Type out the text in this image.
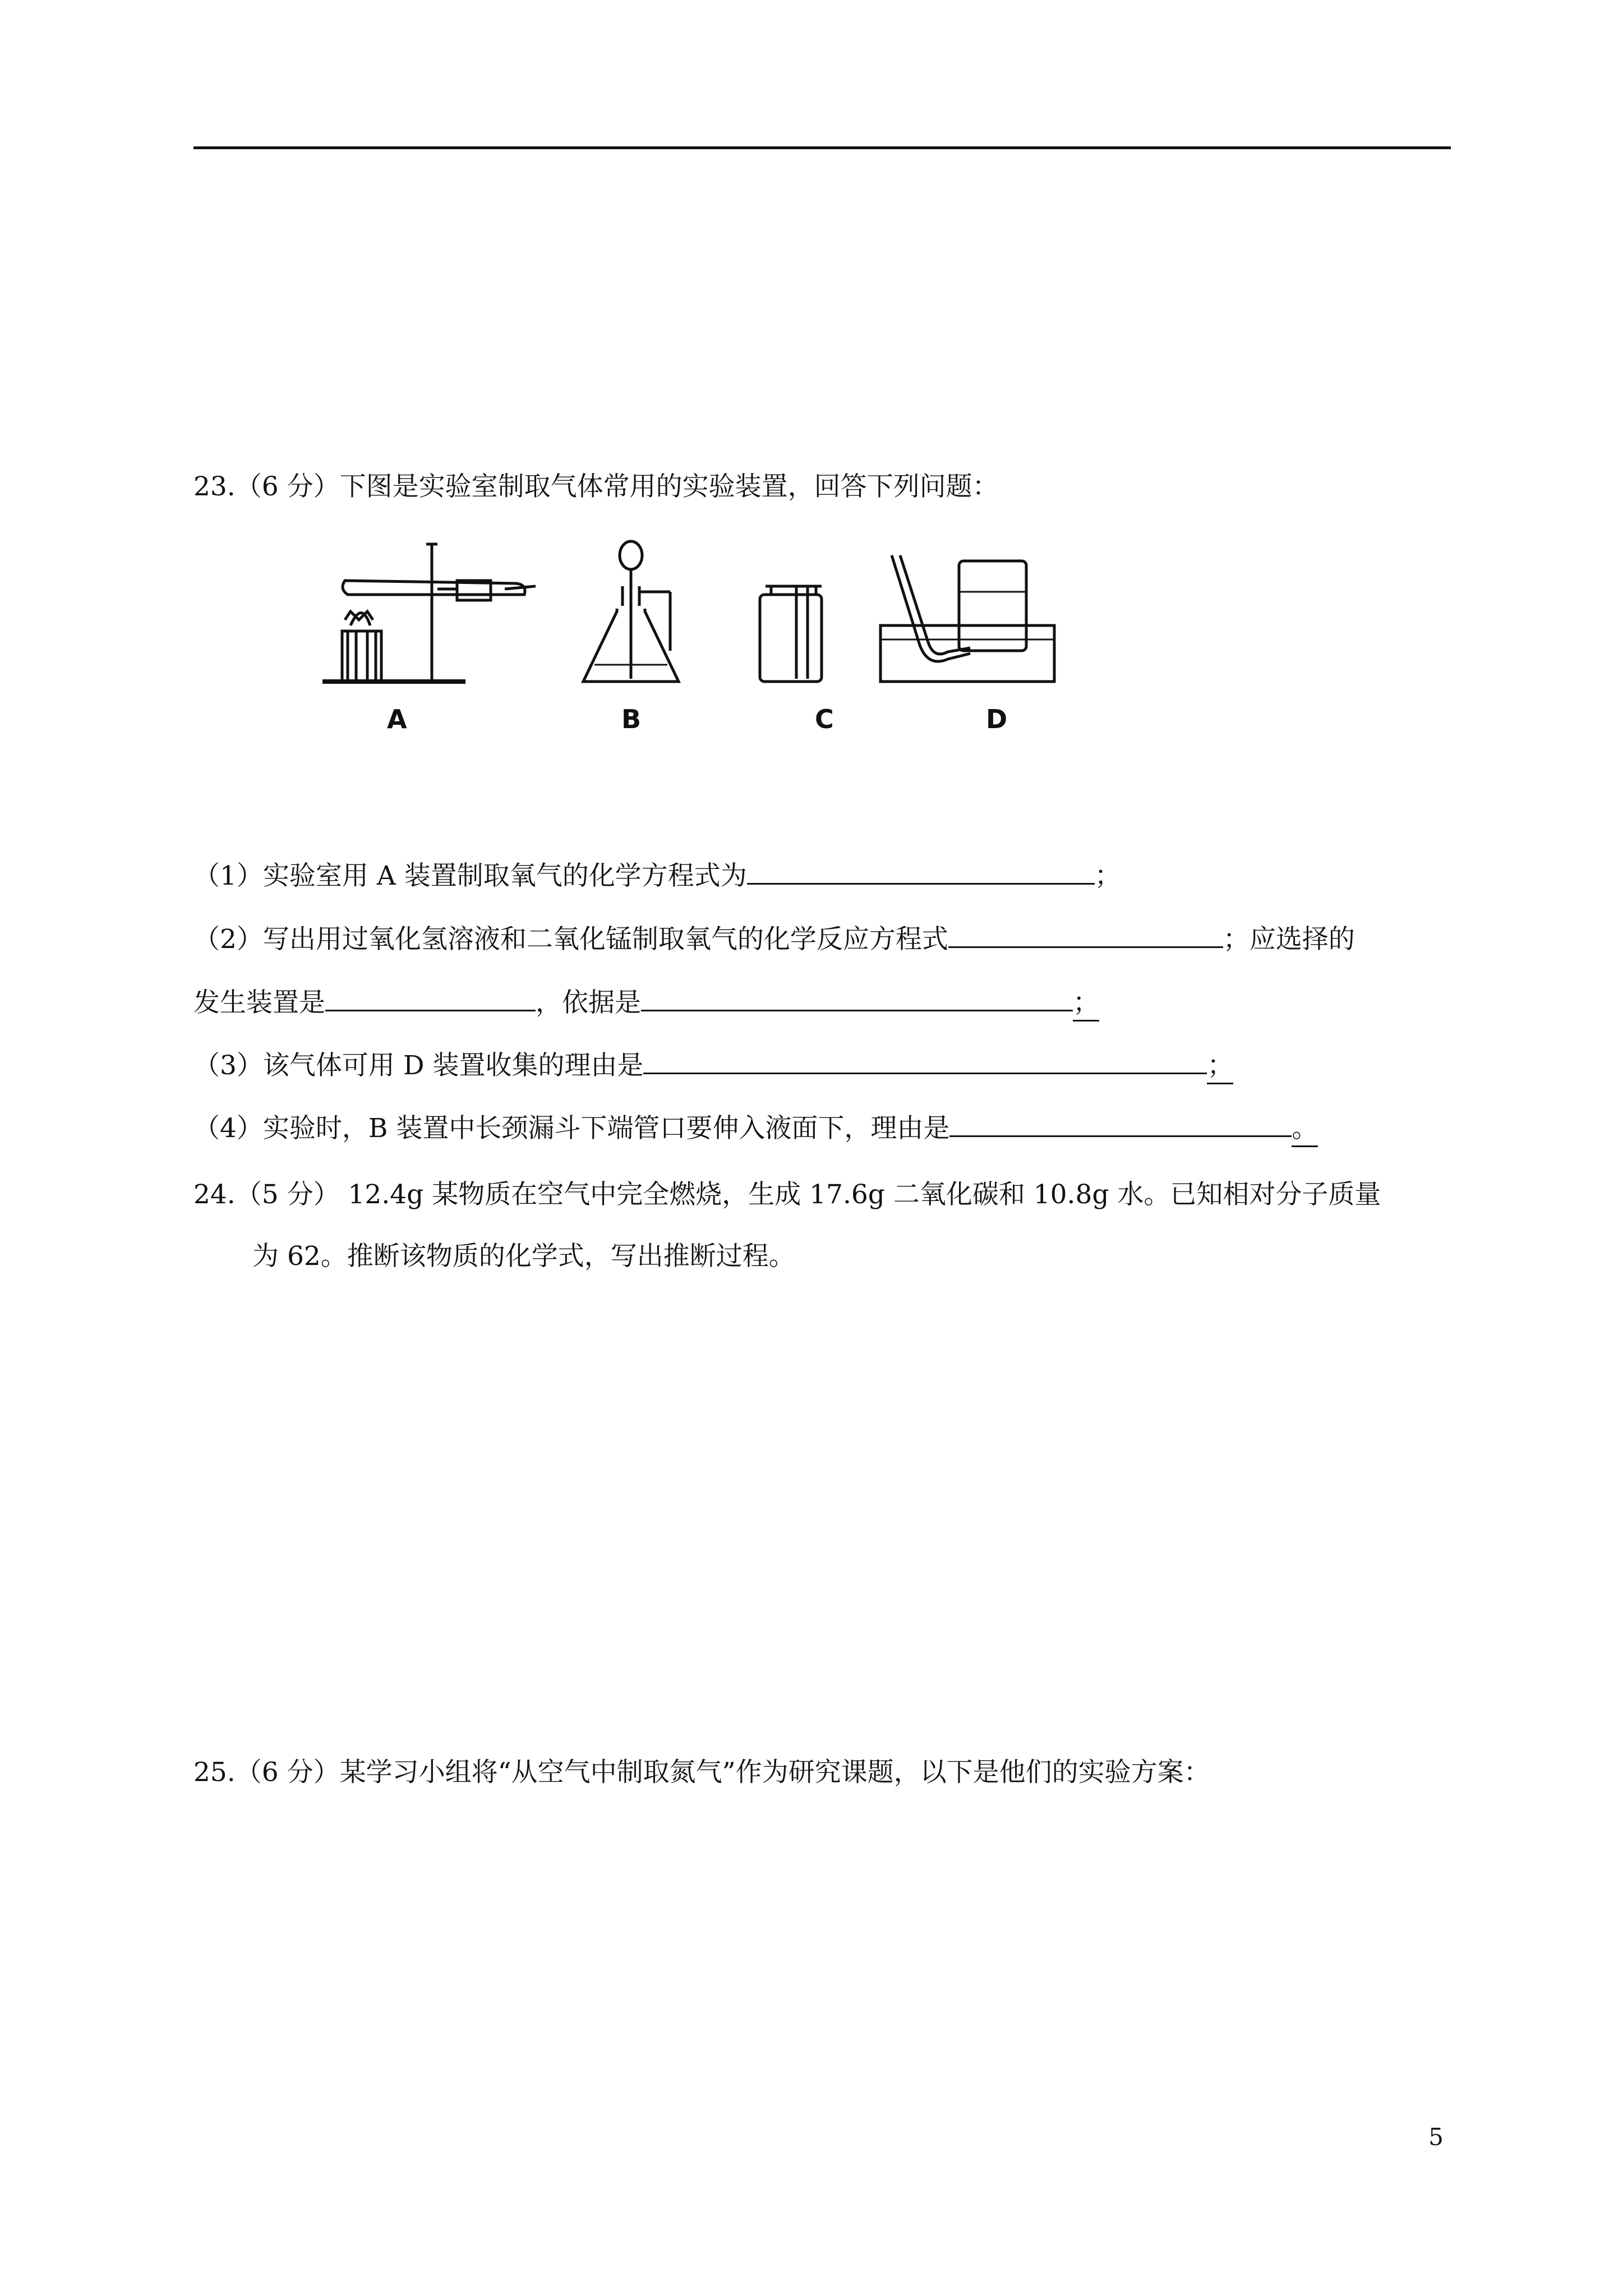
23.（6 分）下图是实验室制取气体常用的实验装置，回答下列问题：
A	B	C	D
（1）实验室用 A 装置制取氧气的化学方程式为	；
（2）写出用过氧化氢溶液和二氧化锰制取氧气的化学反应方程式	；应选择的
发生装置是	，依据是	；
（3）该气体可用 D 装置收集的理由是	；
（4）实验时，B 装置中长颈漏斗下端管口要伸入液面下，理由是	。
24.（5 分） 12.4g 某物质在空气中完全燃烧，生成 17.6g 二氧化碳和 10.8g 水。已知相对分子质量
为 62。推断该物质的化学式，写出推断过程。
25.（6 分）某学习小组将“从空气中制取氮气”作为研究课题，以下是他们的实验方案：
5
